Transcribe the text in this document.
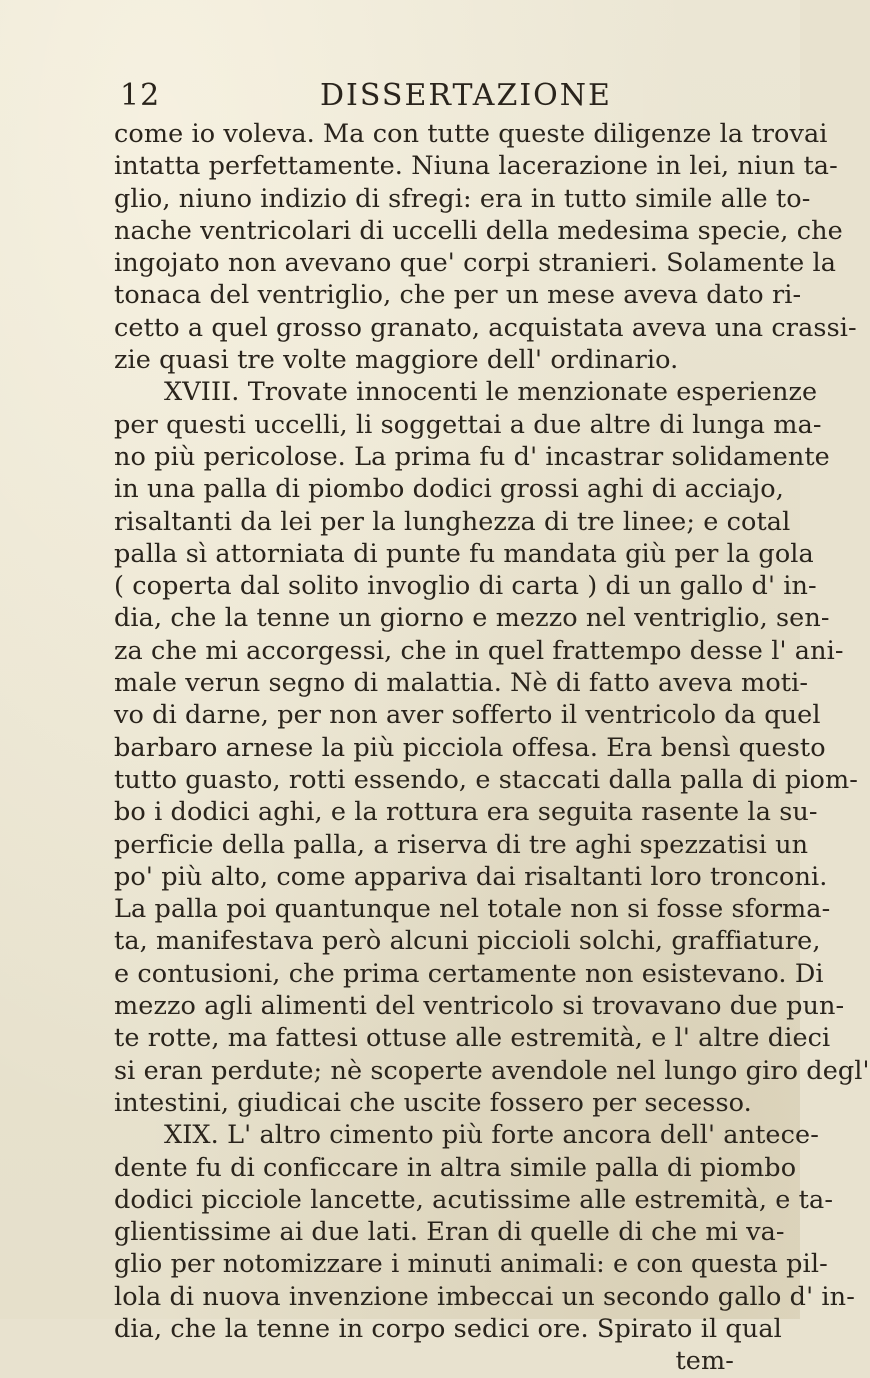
12	DISSERTAZIONE
come io voleva. Ma con tutte queste diligenze la trovai
intatta perfettamente. Niuna lacerazione in lei, niun ta-
glio, niuno indizio di sfregi: era in tutto simile alle to-
nache ventricolari di uccelli della medesima specie, che
ingojato non avevano que' corpi stranieri. Solamente la
tonaca del ventriglio, che per un mese aveva dato ri-
cetto a quel grosso granato, acquistata aveva una crassi-
zie quasi tre volte maggiore dell' ordinario.
XVIII. Trovate innocenti le menzionate esperienze
per questi uccelli, li soggettai a due altre di lunga ma-
no più pericolose. La prima fu d' incastrar solidamente
in una palla di piombo dodici grossi aghi di acciajo,
risaltanti da lei per la lunghezza di tre linee; e cotal
palla sì attorniata di punte fu mandata giù per la gola
( coperta dal solito invoglio di carta ) di un gallo d' in-
dia, che la tenne un giorno e mezzo nel ventriglio, sen-
za che mi accorgessi, che in quel frattempo desse l' ani-
male verun segno di malattia. Nè di fatto aveva moti-
vo di darne, per non aver sofferto il ventricolo da quel
barbaro arnese la più picciola offesa. Era bensì questo
tutto guasto, rotti essendo, e staccati dalla palla di piom-
bo i dodici aghi, e la rottura era seguita rasente la su-
perficie della palla, a riserva di tre aghi spezzatisi un
po' più alto, come appariva dai risaltanti loro tronconi.
La palla poi quantunque nel totale non si fosse sforma-
ta, manifestava però alcuni piccioli solchi, graffiature,
e contusioni, che prima certamente non esistevano. Di
mezzo agli alimenti del ventricolo si trovavano due pun-
te rotte, ma fattesi ottuse alle estremità, e l' altre dieci
si eran perdute; nè scoperte avendole nel lungo giro degl'
intestini, giudicai che uscite fossero per secesso.
XIX. L' altro cimento più forte ancora dell' antece-
dente fu di conficcare in altra simile palla di piombo
dodici picciole lancette, acutissime alle estremità, e ta-
glientissime ai due lati. Eran di quelle di che mi va-
glio per notomizzare i minuti animali: e con questa pil-
lola di nuova invenzione imbeccai un secondo gallo d' in-
dia, che la tenne in corpo sedici ore. Spirato il qual
tem-
